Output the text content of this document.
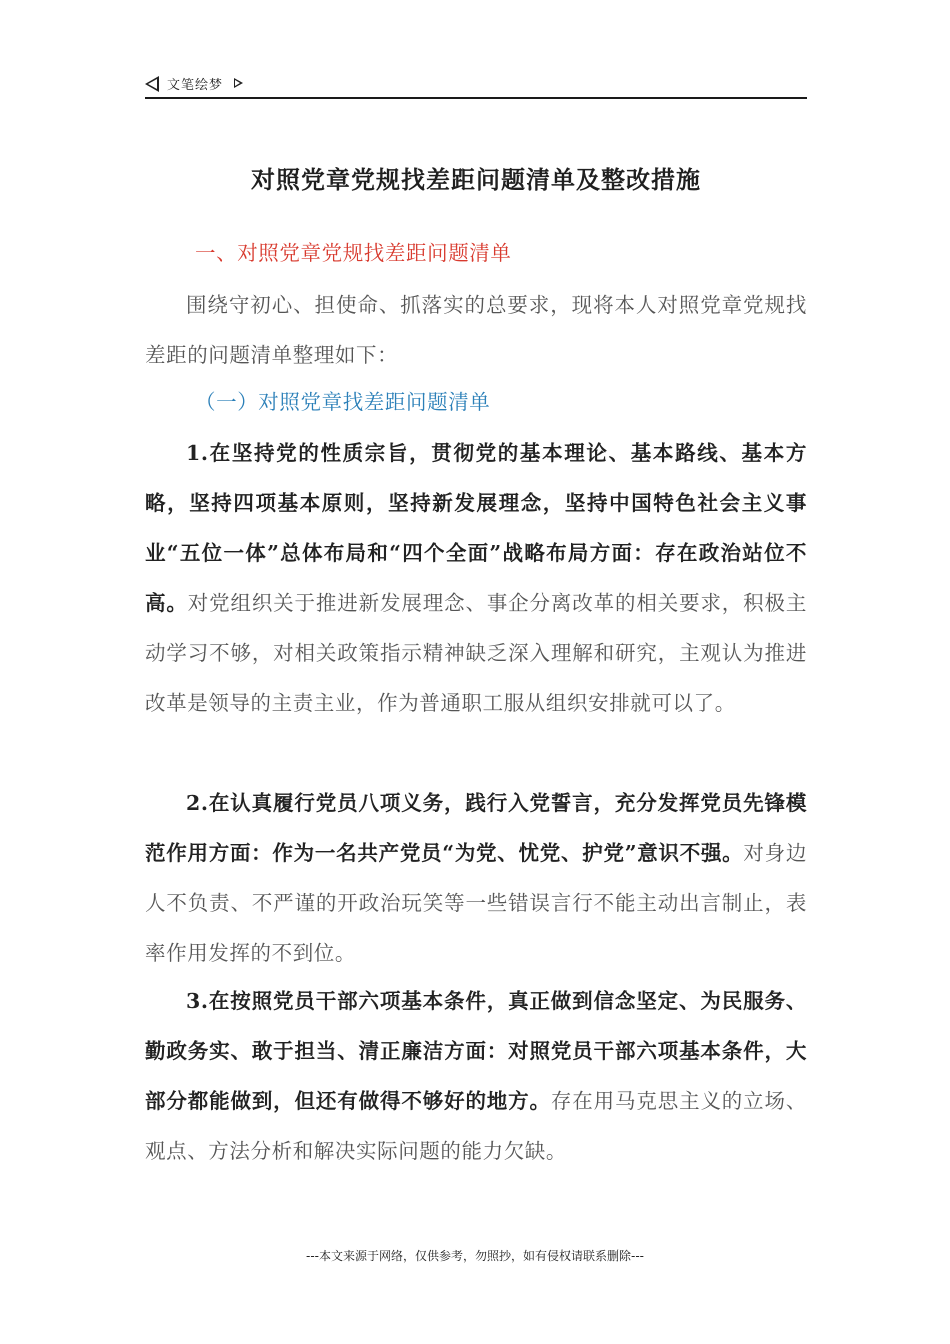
文笔绘梦
对照党章党规找差距问题清单及整改措施
一、对照党章党规找差距问题清单

围绕守初心、担使命、抓落实的总要求，现将本人对照党章党规找差距的问题清单整理如下：

（一）对照党章找差距问题清单

1.在坚持党的性质宗旨，贯彻党的基本理论、基本路线、基本方略，坚持四项基本原则，坚持新发展理念，坚持中国特色社会主义事业“五位一体”总体布局和“四个全面”战略布局方面：存在政治站位不高。对党组织关于推进新发展理念、事企分离改革的相关要求，积极主动学习不够，对相关政策指示精神缺乏深入理解和研究，主观认为推进改革是领导的主责主业，作为普通职工服从组织安排就可以了。

2.在认真履行党员八项义务，践行入党誓言，充分发挥党员先锋模范作用方面：作为一名共产党员“为党、忧党、护党”意识不强。对身边人不负责、不严谨的开政治玩笑等一些错误言行不能主动出言制止，表率作用发挥的不到位。

3.在按照党员干部六项基本条件，真正做到信念坚定、为民服务、勤政务实、敢于担当、清正廉洁方面：对照党员干部六项基本条件，大部分都能做到，但还有做得不够好的地方。存在用马克思主义的立场、观点、方法分析和解决实际问题的能力欠缺。

---本文来源于网络，仅供参考，勿照抄，如有侵权请联系删除---
